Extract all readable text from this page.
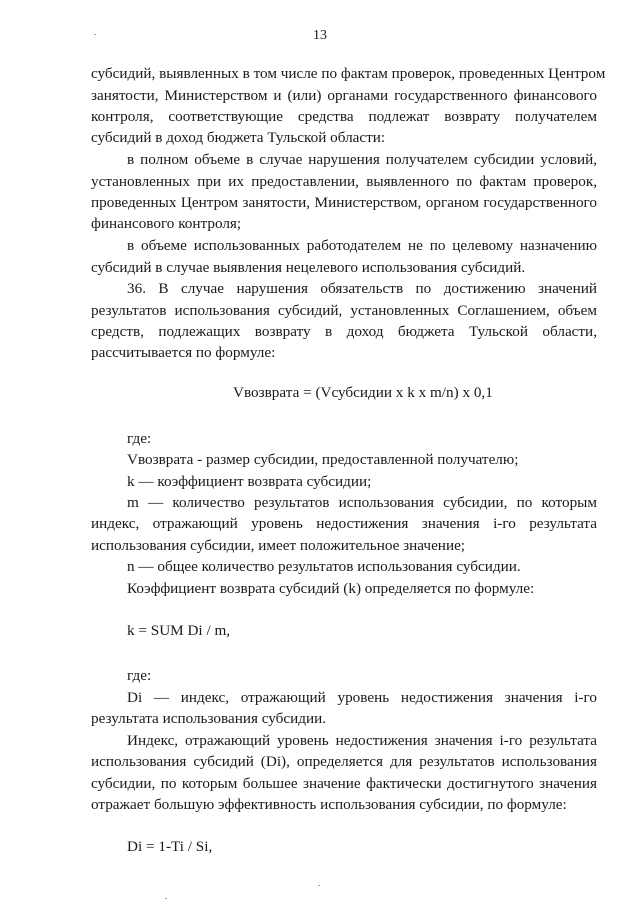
13
субсидий, выявленных в том числе по фактам проверок, проведенных Центром
занятости, Министерством и (или) органами государственного финансового
контроля, соответствующие средства подлежат возврату получателем
субсидий в доход бюджета Тульской области:
в полном объеме в случае нарушения получателем субсидии условий,
установленных при их предоставлении, выявленного по фактам проверок,
проведенных Центром занятости, Министерством, органом государственного
финансового контроля;
в объеме использованных работодателем не по целевому назначению
субсидий в случае выявления нецелевого использования субсидий.
36. В случае нарушения обязательств по достижению значений
результатов использования субсидий, установленных Соглашением, объем
средств, подлежащих возврату в доход бюджета Тульской области,
рассчитывается по формуле:
Vвозврата = (Vсубсидии х k х m/n) х 0,1
где:
Vвозврата - размер субсидии, предоставленной получателю;
k — коэффициент возврата субсидии;
m — количество результатов использования субсидии, по которым
индекс, отражающий уровень недостижения значения i-го результата
использования субсидии, имеет положительное значение;
n — общее количество результатов использования субсидии.
Коэффициент возврата субсидий (k) определяется по формуле:
k = SUM Di / m,
где:
Di — индекс, отражающий уровень недостижения значения i-го
результата использования субсидии.
Индекс, отражающий уровень недостижения значения i-го результата
использования субсидий (Di), определяется для результатов использования
субсидии, по которым большее значение фактически достигнутого значения
отражает большую эффективность использования субсидии, по формуле:
Di = 1-Ti / Si,
